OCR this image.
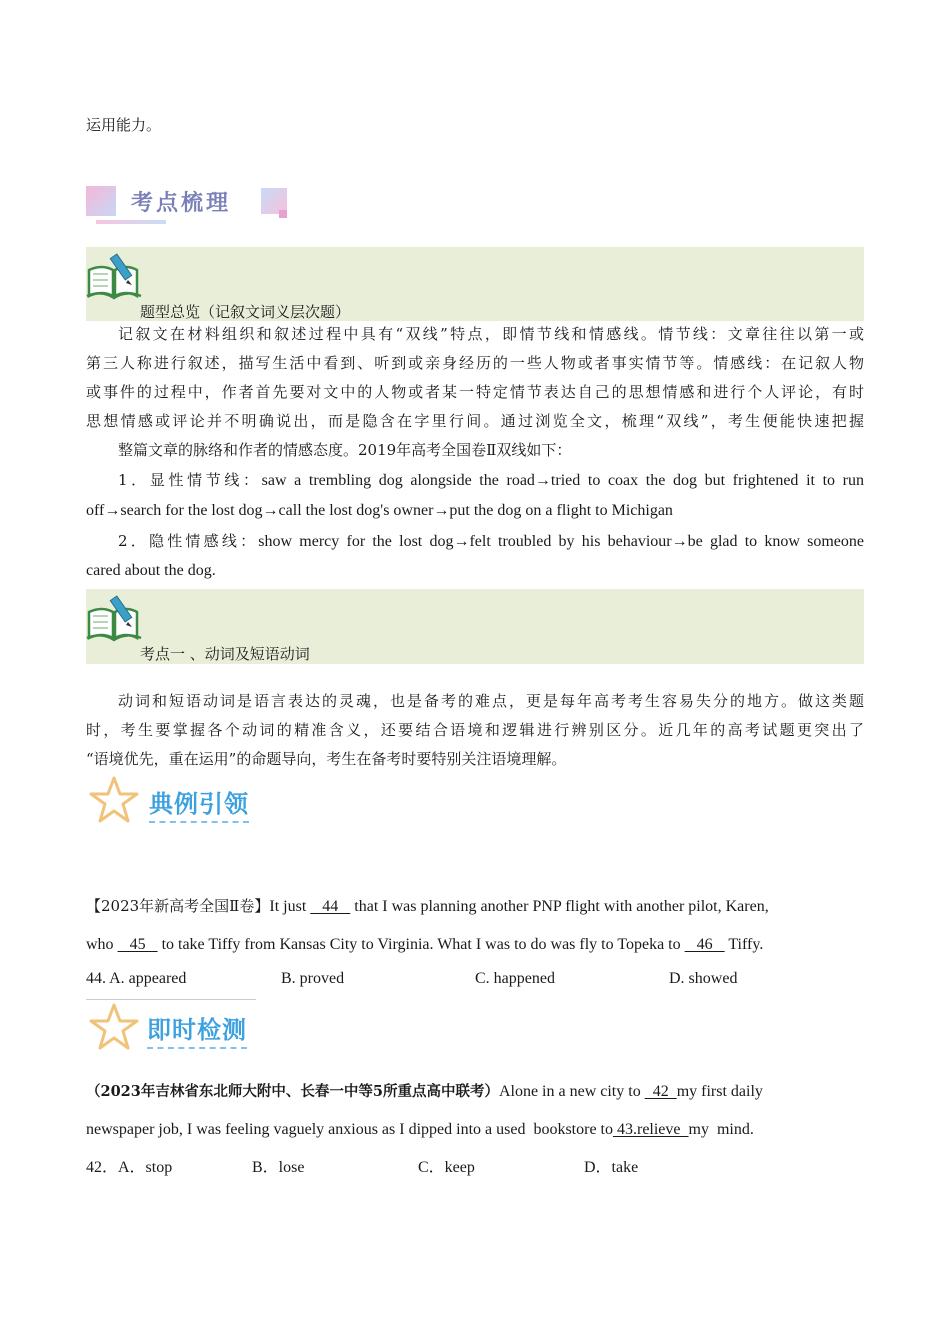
运用能力。
考点梳理
题型总览（记叙文词义层次题）
记叙文在材料组织和叙述过程中具有“双线”特点，即情节线和情感线。情节线：文章往往以第一或
第三人称进行叙述，描写生活中看到、听到或亲身经历的一些人物或者事实情节等。情感线：在记叙人物
或事件的过程中，作者首先要对文中的人物或者某一特定情节表达自己的思想情感和进行个人评论，有时
思想情感或评论并不明确说出，而是隐含在字里行间。通过浏览全文，梳理“双线”，考生便能快速把握
整篇文章的脉络和作者的情感态度。2019年高考全国卷Ⅱ双线如下：
1．显性情节线：saw a trembling dog alongside the road→tried to coax the dog but frightened it to run
off→search for the lost dog→call the lost dog's owner→put the dog on a flight to Michigan
2．隐性情感线：show mercy for the lost dog→felt troubled by his behaviour→be glad to know someone
cared about the dog.
考点一 、动词及短语动词
动词和短语动词是语言表达的灵魂，也是备考的难点，更是每年高考考生容易失分的地方。做这类题
时，考生要掌握各个动词的精准含义，还要结合语境和逻辑进行辨别区分。近几年的高考试题更突出了
“语境优先，重在运用”的命题导向，考生在备考时要特别关注语境理解。
典例引领
【2023年新高考全国Ⅱ卷】It just    44    that I was planning another PNP flight with another pilot, Karen,
who    45    to take Tiffy from Kansas City to Virginia. What I was to do was fly to Topeka to    46    Tiffy.
44. A. appeared	B. proved	C. happened	D. showed
即时检测
（2023年吉林省东北师大附中、长春一中等5所重点高中联考）Alone in a new city to   42  my first daily
newspaper job, I was feeling vaguely anxious as I dipped into a used  bookstore to 43.relieve  my  mind.
42．A．stop	B．lose	C．keep	D．take
